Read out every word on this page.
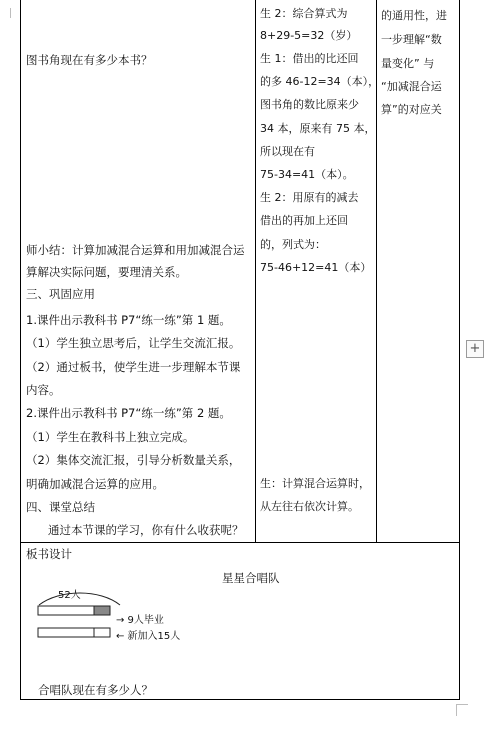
图书角现在有多少本书？
师小结：计算加减混合运算和用加减混合运
算解决实际问题，要理清关系。
三、巩固应用
1.课件出示教科书 P7“练一练”第 1 题。
（1）学生独立思考后，让学生交流汇报。
（2）通过板书，使学生进一步理解本节课
内容。
2.课件出示教科书 P7“练一练”第 2 题。
（1）学生在教科书上独立完成。
（2）集体交流汇报，引导分析数量关系，
明确加减混合运算的应用。
四、课堂总结
通过本节课的学习，你有什么收获呢？
生 2：综合算式为
8+29-5=32（岁）
生 1：借出的比还回
的多 46-12=34（本），
图书角的数比原来少
34 本，原来有 75 本，
所以现在有
75-34=41（本）。
生 2：用原有的减去
借出的再加上还回
的，列式为：
75-46+12=41（本）
生：计算混合运算时，
从左往右依次计算。
的通用性，进
一步理解“数
量变化” 与
“加减混合运
算”的对应关
板书设计
星星合唱队
52人
→ 9人毕业
← 新加入15人
合唱队现在有多少人？
+
